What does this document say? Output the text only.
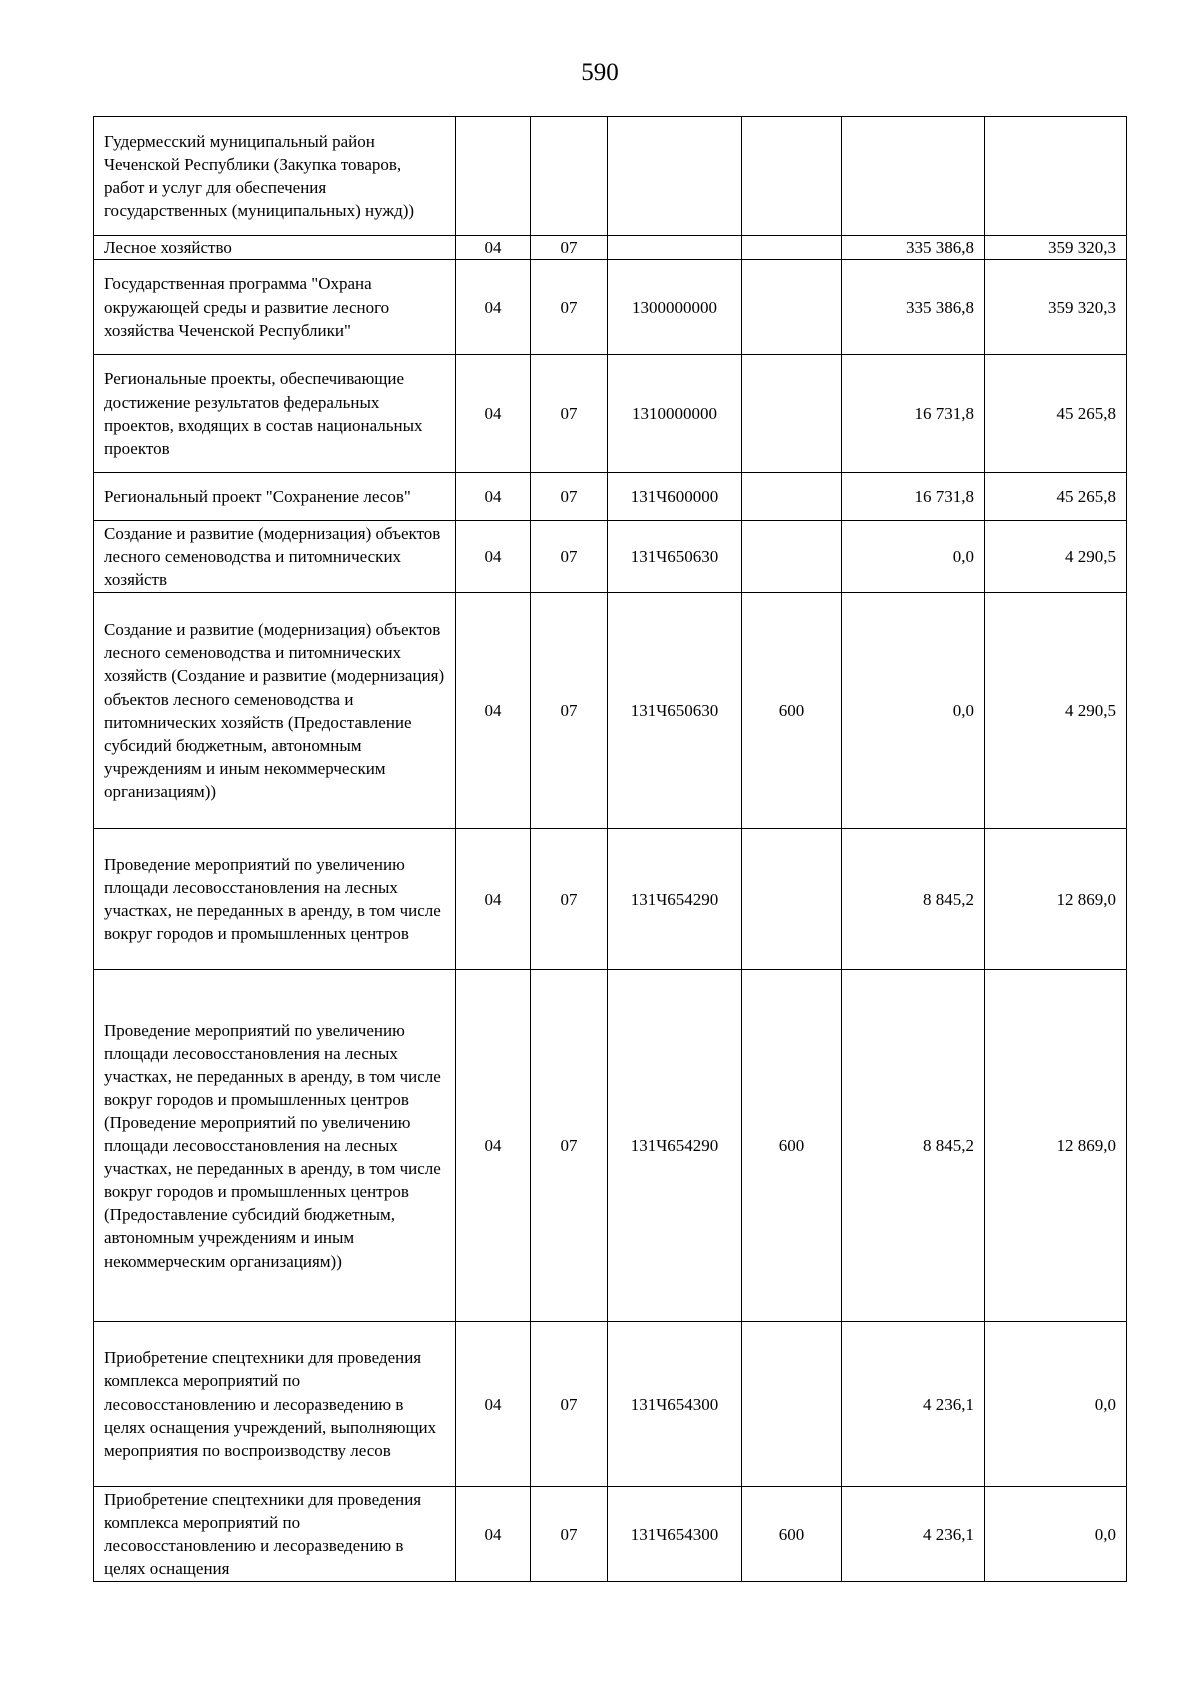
590
Гудермесский муниципальный район Чеченской Республики (Закупка товаров, работ и услуг для обеспечения государственных (муниципальных) нужд))						
Лесное хозяйство	04	07			335 386,8	359 320,3
Государственная программа "Охрана окружающей среды и развитие лесного хозяйства Чеченской Республики"	04	07	1300000000		335 386,8	359 320,3
Региональные проекты, обеспечивающие достижение результатов федеральных проектов, входящих в состав национальных проектов	04	07	1310000000		16 731,8	45 265,8
Региональный проект "Сохранение лесов"	04	07	131Ч600000		16 731,8	45 265,8
Создание и развитие (модернизация) объектов лесного семеноводства и питомнических хозяйств	04	07	131Ч650630		0,0	4 290,5
Создание и развитие (модернизация) объектов лесного семеноводства и питомнических хозяйств (Создание и развитие (модернизация) объектов лесного семеноводства и питомнических хозяйств (Предоставление субсидий бюджетным, автономным учреждениям и иным некоммерческим организациям))	04	07	131Ч650630	600	0,0	4 290,5
Проведение мероприятий по увеличению площади лесовосстановления на лесных участках, не переданных в аренду, в том числе вокруг городов и промышленных центров	04	07	131Ч654290		8 845,2	12 869,0
Проведение мероприятий по увеличению площади лесовосстановления на лесных участках, не переданных в аренду, в том числе вокруг городов и промышленных центров (Проведение мероприятий по увеличению площади лесовосстановления на лесных участках, не переданных в аренду, в том числе вокруг городов и промышленных центров (Предоставление субсидий бюджетным, автономным учреждениям и иным некоммерческим организациям))	04	07	131Ч654290	600	8 845,2	12 869,0
Приобретение спецтехники для проведения комплекса мероприятий по лесовосстановлению и лесоразведению в целях оснащения учреждений, выполняющих мероприятия по воспроизводству лесов	04	07	131Ч654300		4 236,1	0,0
Приобретение спецтехники для проведения комплекса мероприятий по лесовосстановлению и лесоразведению в целях оснащения	04	07	131Ч654300	600	4 236,1	0,0
